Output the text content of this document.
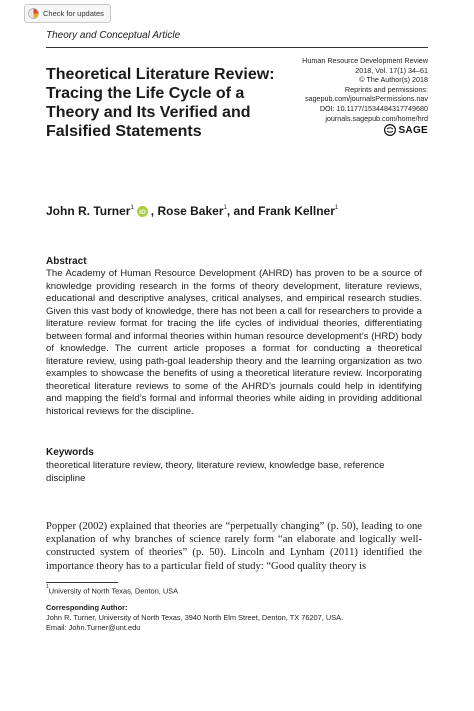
Check for updates
Theory and Conceptual Article
Theoretical Literature Review: Tracing the Life Cycle of a Theory and Its Verified and Falsified Statements
Human Resource Development Review
2018, Vol. 17(1) 34–61
© The Author(s) 2018
Reprints and permissions:
sagepub.com/journalsPermissions.nav
DOI: 10.1177/1534484317749680
journals.sagepub.com/home/hrd
SAGE
John R. Turner$^1$
iD , Rose Baker$^1$ , and Frank Kellner$^1$
Abstract

The Academy of Human Resource Development (AHRD) has proven to be a source of knowledge providing research in the forms of theory development, literature reviews, educational and descriptive analyses, critical analyses, and empirical research studies. Given this vast body of knowledge, there has not been a call for researchers to provide a literature review format for tracing the life cycles of individual theories, differentiating between formal and informal theories within human resource development’s (HRD) body of knowledge. The current article proposes a format for conducting a theoretical literature review, using path-goal leadership theory and the learning organization as two examples to showcase the benefits of using a theoretical literature review. Incorporating theoretical literature reviews to some of the AHRD’s journals could help in identifying and mapping the field’s formal and informal theories while aiding in providing additional historical reviews for the discipline.

Keywords

theoretical literature review, theory, literature review, knowledge base, reference discipline

Popper (2002) explained that theories are “perpetually changing” (p. 50), leading to one explanation of why branches of science rarely form “an elaborate and logically well-constructed system of theories” (p. 50). Lincoln and Lynham (2011) identified the importance theory has to a particular field of study: “Good quality theory is

$^1$University of North Texas, Denton, USA
Corresponding Author:
John R. Turner, University of North Texas, 3940 North Elm Street, Denton, TX 76207, USA.
Email: John.Turner@unt.edu
